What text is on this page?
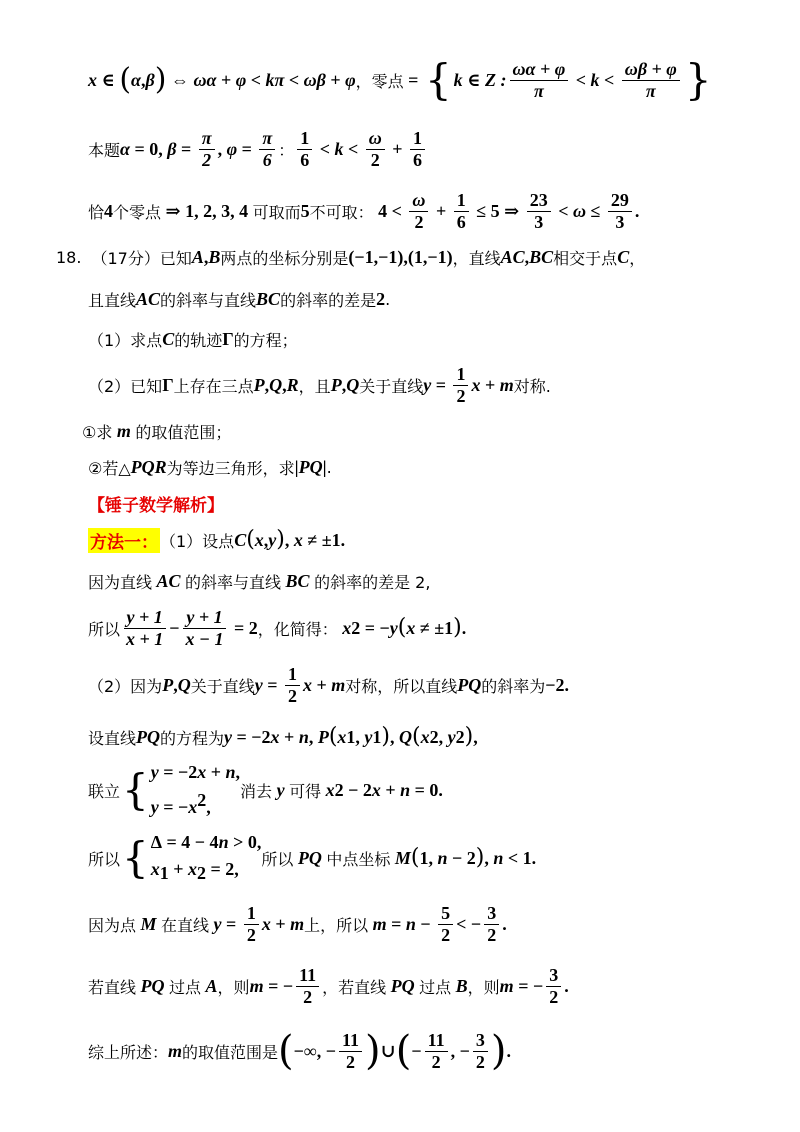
x ∈ ( α , β ) ⇔ ωα + φ < kπ < ωβ + φ ，零点 = { k ∈ Z : $\frac{\omega\alpha + \varphi}{\pi} < k < \frac{\omega\beta + \varphi}{\pi}$ }
本题 α = 0, $\beta = \frac{\pi}{2}$ , $\varphi = \frac{\pi}{6}$ ： $\frac{1}{6} < k < \frac{\omega}{2} + \frac{1}{6}$
恰 4 个零点 ⇒ 1, 2, 3, 4 可取而 5 不可取： $4 < \frac{\omega}{2} + \frac{1}{6} \le 5$ ⇒ $\frac{23}{3} < \omega \le \frac{29}{3}$ .
18. （17分）已知 A , B 两点的坐标分别是 (−1,−1),(1,−1) ，直线 AC , BC 相交于点 C ，
且直线 AC 的斜率与直线 BC 的斜率的差是 2 .
（1）求点 C 的轨迹 Γ 的方程；
（2）已知 Γ 上存在三点 P , Q , R ，且 P , Q 关于直线 $y = \frac{1}{2}$ x + m 对称.
①求 m 的取值范围；
②若△ PQR 为等边三角形，求 | PQ | .
【锤子数学解析】
方法一： （1）设点 C ( x , y ) , x ≠ ±1.
因为直线 AC 的斜率与直线 BC 的斜率的差是 2,
所以 $\frac{y + 1}{x + 1} - \frac{y + 1}{x - 1} = 2$ ，化简得： x 2 = − y ( x ≠ ±1 ) .
（2）因为 P , Q 关于直线 $y = \frac{1}{2}$ x + m 对称，所以直线 PQ 的斜率为 −2.
设直线 PQ 的方程为 y = −2 x + n , P ( x 1 , y 1 ) , Q ( x 2 , y 2 ) ,
联立 { y = −2x + n,
$y = -x^2$,
消去 y 可得 x 2 − 2 x + n = 0.
所以 { Δ = 4 − 4n > 0,
$x_1 + x_2 = 2$,
所以 PQ 中点坐标 M ( 1, n − 2 ) , n < 1.
因为点 M 在直线 $y = \frac{1}{2}$ x + m 上，所以 $m = n - \frac{5}{2}$ < − $\frac{3}{2}$ .
若直线 PQ 过点 A ，则 m = − $\frac{11}{2}$ ，若直线 PQ 过点 B ，则 m = − $\frac{3}{2}$ .
综上所述： m 的取值范围是 ( −∞, − $\frac{11}{2}$ ) ∪ ( − $\frac{11}{2}$ , − $\frac{3}{2}$ ) .
